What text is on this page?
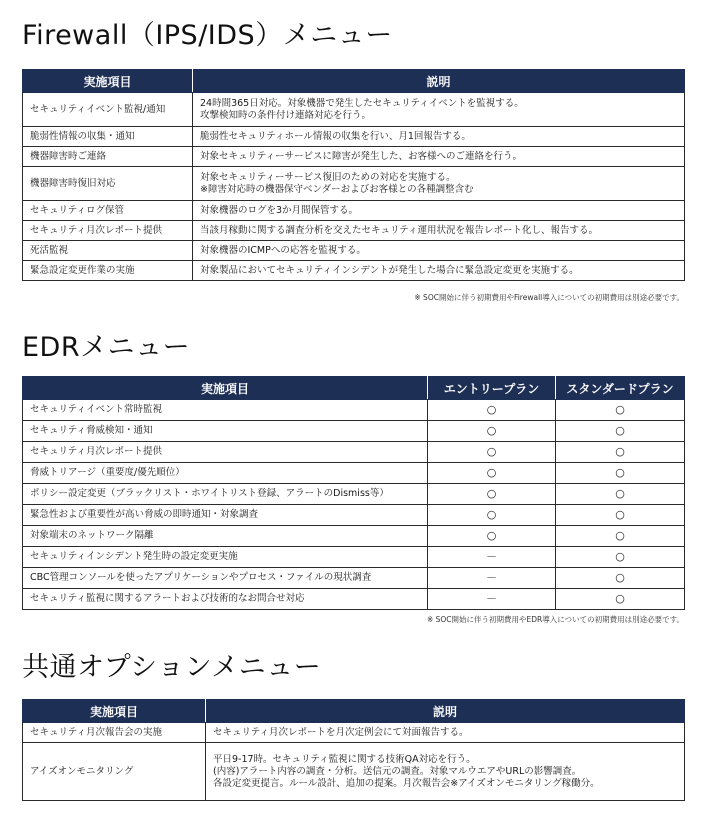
Firewall（IPS/IDS）メニュー
実施項目	説明
セキュリティイベント監視/通知	24時間365日対応。対象機器で発生したセキュリティイベントを監視する。
攻撃検知時の条件付け連絡対応を行う。

脆弱性情報の収集・通知	脆弱性セキュリティホール情報の収集を行い、月1回報告する。

機器障害時ご連絡	対象セキュリティーサービスに障害が発生した、お客様へのご連絡を行う。

機器障害時復旧対応	対象セキュリティーサービス復旧のための対応を実施する。
※障害対応時の機器保守ベンダーおよびお客様との各種調整含む

セキュリティログ保管	対象機器のログを3か月間保管する。

セキュリティ月次レポート提供	当該月稼動に関する調査分析を交えたセキュリティ運用状況を報告レポート化し、報告する。

死活監視	対象機器のICMPへの応答を監視する。

緊急設定変更作業の実施	対象製品においてセキュリティインシデントが発生した場合に緊急設定変更を実施する。
※ SOC開始に伴う初期費用やFirewall導入についての初期費用は別途必要です。
EDRメニュー
実施項目	エントリープラン	スタンダードプラン
セキュリティイベント常時監視	○	○
セキュリティ脅威検知・通知	○	○
セキュリティ月次レポート提供	○	○
脅威トリアージ（重要度/優先順位）	○	○
ポリシー設定変更（ブラックリスト・ホワイトリスト登録、アラートのDismiss等）	○	○
緊急性および重要性が高い脅威の即時通知・対象調査	○	○
対象端末のネットワーク隔離	○	○
セキュリティインシデント発生時の設定変更実施	－	○
CBC管理コンソールを使ったアプリケーションやプロセス・ファイルの現状調査	－	○
セキュリティ監視に関するアラートおよび技術的なお問合せ対応	－	○
※ SOC開始に伴う初期費用やEDR導入についての初期費用は別途必要です。
共通オプションメニュー
実施項目	説明
セキュリティ月次報告会の実施	セキュリティ月次レポートを月次定例会にて対面報告する。

アイズオンモニタリング	平日9-17時。セキュリティ監視に関する技術QA対応を行う。
(内容)アラート内容の調査・分析。送信元の調査。対象マルウエアやURLの影響調査。
各設定変更提言。ルール設計、追加の提案。月次報告会※アイズオンモニタリング稼働分。
